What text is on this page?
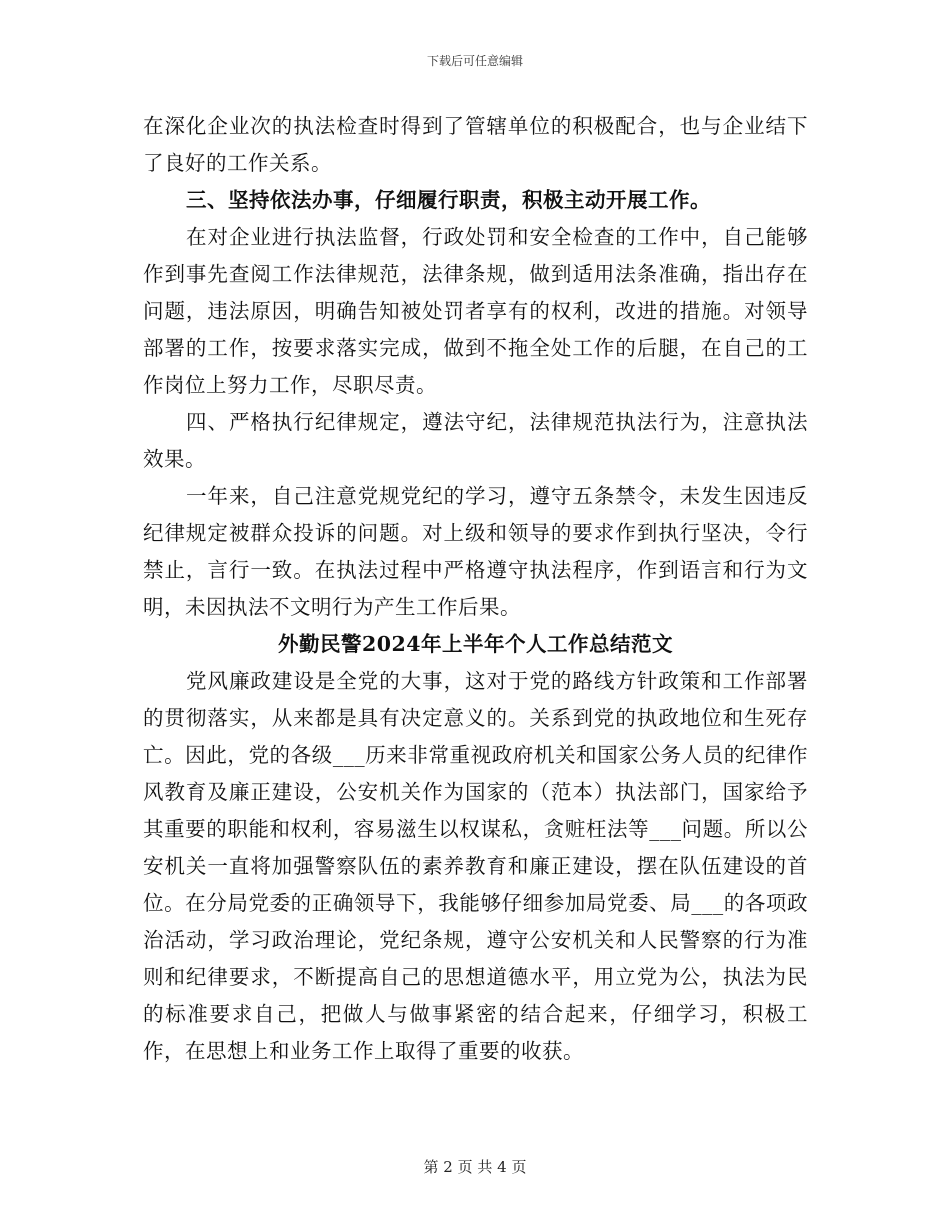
下载后可任意编辑

在深化企业次的执法检查时得到了管辖单位的积极配合，也与企业结下了良好的工作关系。

三、坚持依法办事，仔细履行职责，积极主动开展工作。

在对企业进行执法监督，行政处罚和安全检查的工作中，自己能够作到事先查阅工作法律规范，法律条规，做到适用法条准确，指出存在问题，违法原因，明确告知被处罚者享有的权利，改进的措施。对领导部署的工作，按要求落实完成，做到不拖全处工作的后腿，在自己的工作岗位上努力工作，尽职尽责。

四、严格执行纪律规定，遵法守纪，法律规范执法行为，注意执法效果。

一年来，自己注意党规党纪的学习，遵守五条禁令，未发生因违反纪律规定被群众投诉的问题。对上级和领导的要求作到执行坚决，令行禁止，言行一致。在执法过程中严格遵守执法程序，作到语言和行为文明，未因执法不文明行为产生工作后果。

外勤民警2024年上半年个人工作总结范文

党风廉政建设是全党的大事，这对于党的路线方针政策和工作部署的贯彻落实，从来都是具有决定意义的。关系到党的执政地位和生死存亡。因此，党的各级___历来非常重视政府机关和国家公务人员的纪律作风教育及廉正建设，公安机关作为国家的（范本）执法部门，国家给予其重要的职能和权利，容易滋生以权谋私，贪赃枉法等___问题。所以公安机关一直将加强警察队伍的素养教育和廉正建设，摆在队伍建设的首位。在分局党委的正确领导下，我能够仔细参加局党委、局___的各项政治活动，学习政治理论，党纪条规，遵守公安机关和人民警察的行为准则和纪律要求，不断提高自己的思想道德水平，用立党为公，执法为民的标准要求自己，把做人与做事紧密的结合起来，仔细学习，积极工作，在思想上和业务工作上取得了重要的收获。

第 2 页 共 4 页
